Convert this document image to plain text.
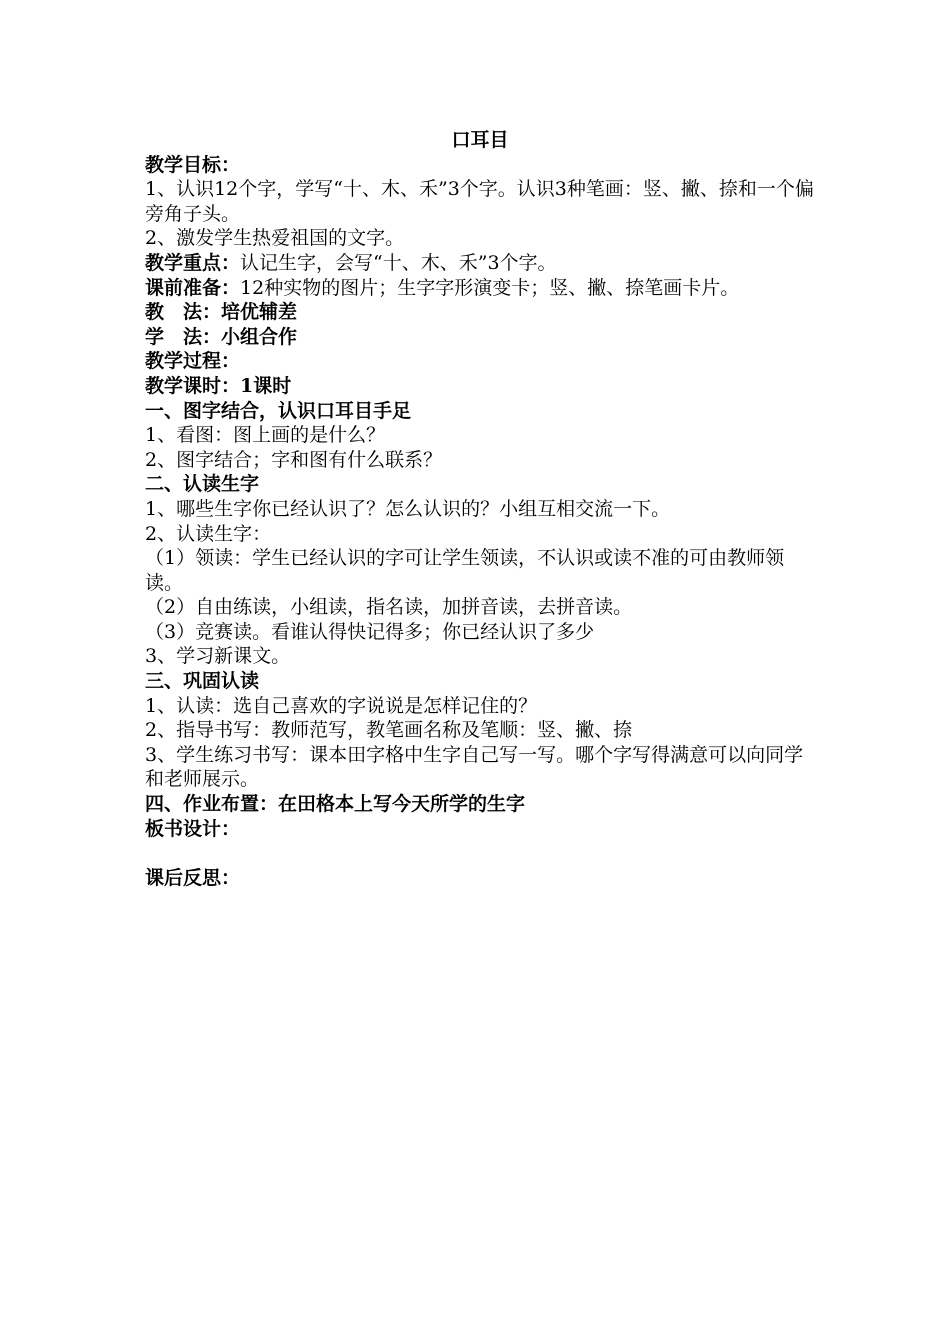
口耳目
教学目标：
1、认识12个字，学写“十、木、禾”3个字。认识3种笔画：竖、撇、捺和一个偏旁角子头。
2、激发学生热爱祖国的文字。
教学重点：认记生字，会写“十、木、禾”3个字。
课前准备：12种实物的图片；生字字形演变卡；竖、撇、捺笔画卡片。
教　法：培优辅差
学　法：小组合作
教学过程：
教学课时：1课时
一、图字结合，认识口耳目手足
1、看图：图上画的是什么？
2、图字结合；字和图有什么联系？
二、认读生字
1、哪些生字你已经认识了？怎么认识的？小组互相交流一下。
2、认读生字：
（1）领读：学生已经认识的字可让学生领读，不认识或读不准的可由教师领读。
（2）自由练读，小组读，指名读，加拼音读，去拼音读。
（3）竞赛读。看谁认得快记得多；你已经认识了多少
3、学习新课文。
三、巩固认读
1、认读：选自己喜欢的字说说是怎样记住的？
2、指导书写：教师范写，教笔画名称及笔顺：竖、撇、捺
3、学生练习书写：课本田字格中生字自己写一写。哪个字写得满意可以向同学和老师展示。
四、作业布置：在田格本上写今天所学的生字
板书设计：
课后反思：
